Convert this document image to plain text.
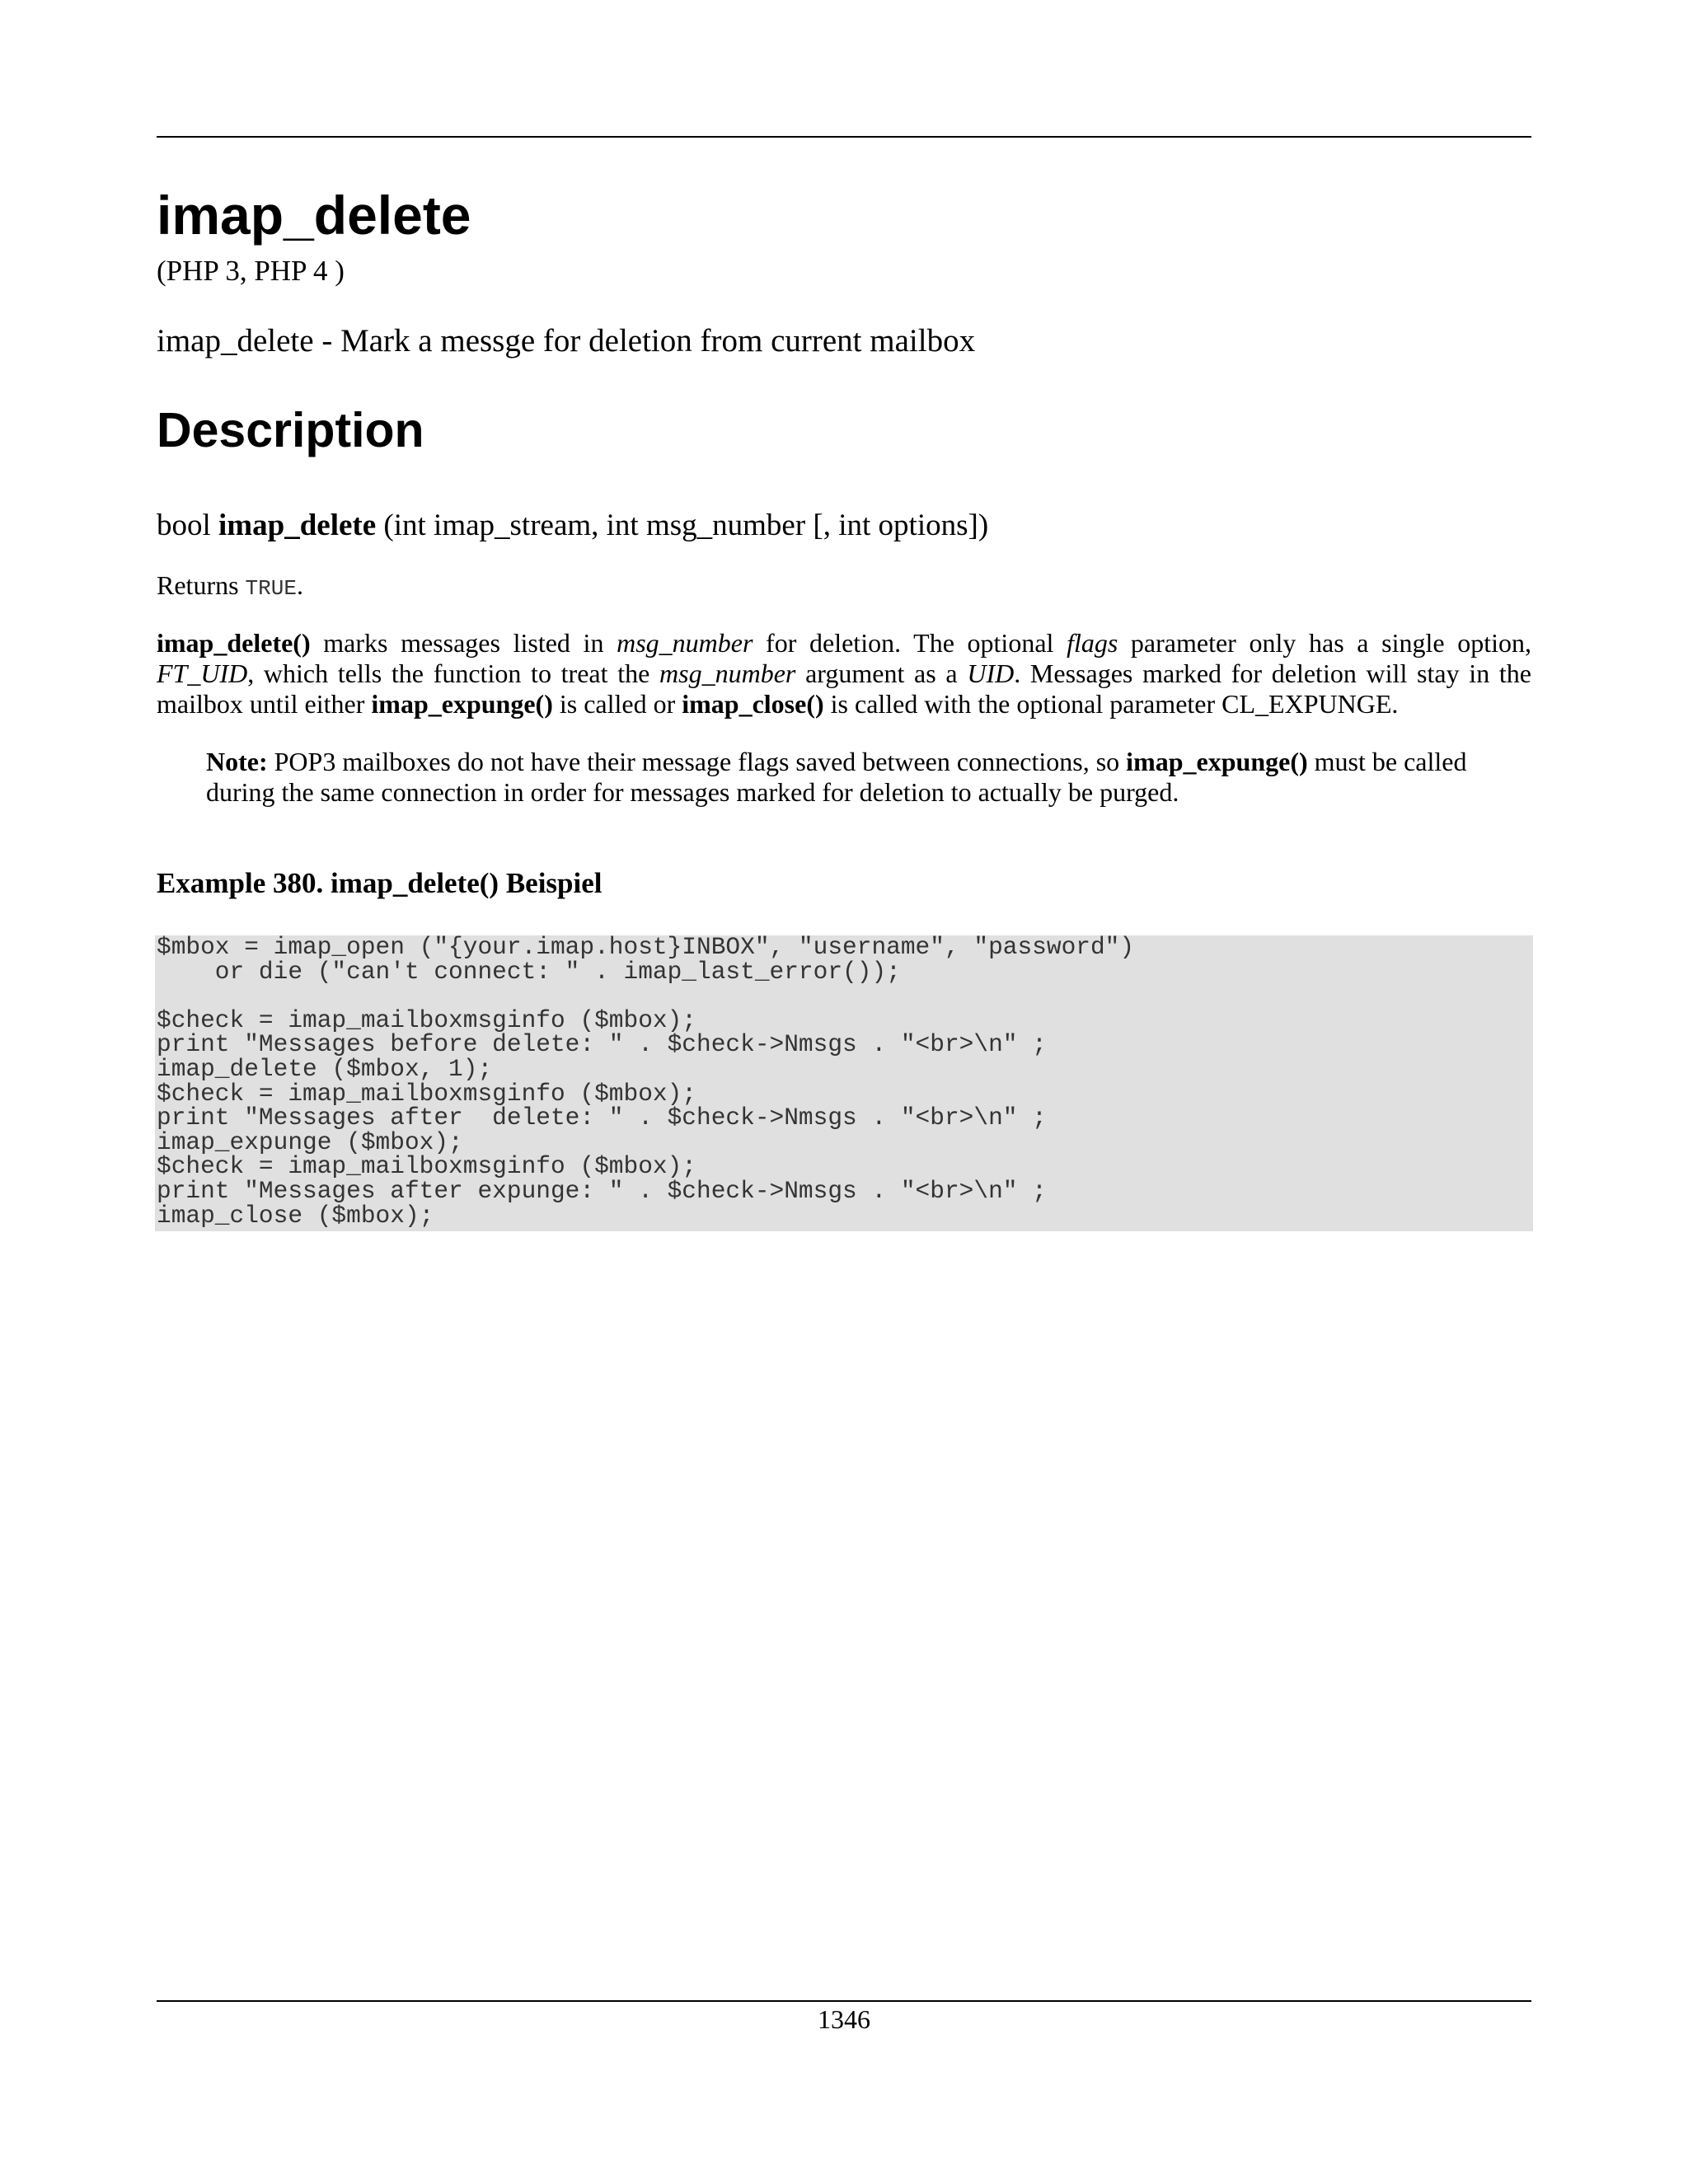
imap_delete
(PHP 3, PHP 4 )
imap_delete - Mark a messge for deletion from current mailbox
Description
bool imap_delete (int imap_stream, int msg_number [, int options])
Returns TRUE.

imap_delete() marks messages listed in msg_number for deletion. The optional flags parameter only has a single option, FT_UID, which tells the function to treat the msg_number argument as a UID. Messages marked for deletion will stay in the mailbox until either imap_expunge() is called or imap_close() is called with the optional parameter CL_EXPUNGE.

Note: POP3 mailboxes do not have their message flags saved between connections, so imap_expunge() must be called during the same connection in order for messages marked for deletion to actually be purged.

Example 380. imap_delete() Beispiel

$mbox = imap_open ("{your.imap.host}INBOX", "username", "password")
or die ("can't connect: " . imap_last_error());

$check = imap_mailboxmsginfo ($mbox);
print "Messages before delete: " . $check->Nmsgs . "<br>\n" ;
imap_delete ($mbox, 1);
$check = imap_mailboxmsginfo ($mbox);
print "Messages after  delete: " . $check->Nmsgs . "<br>\n" ;
imap_expunge ($mbox);
$check = imap_mailboxmsginfo ($mbox);
print "Messages after expunge: " . $check->Nmsgs . "<br>\n" ;
imap_close ($mbox);

1346
